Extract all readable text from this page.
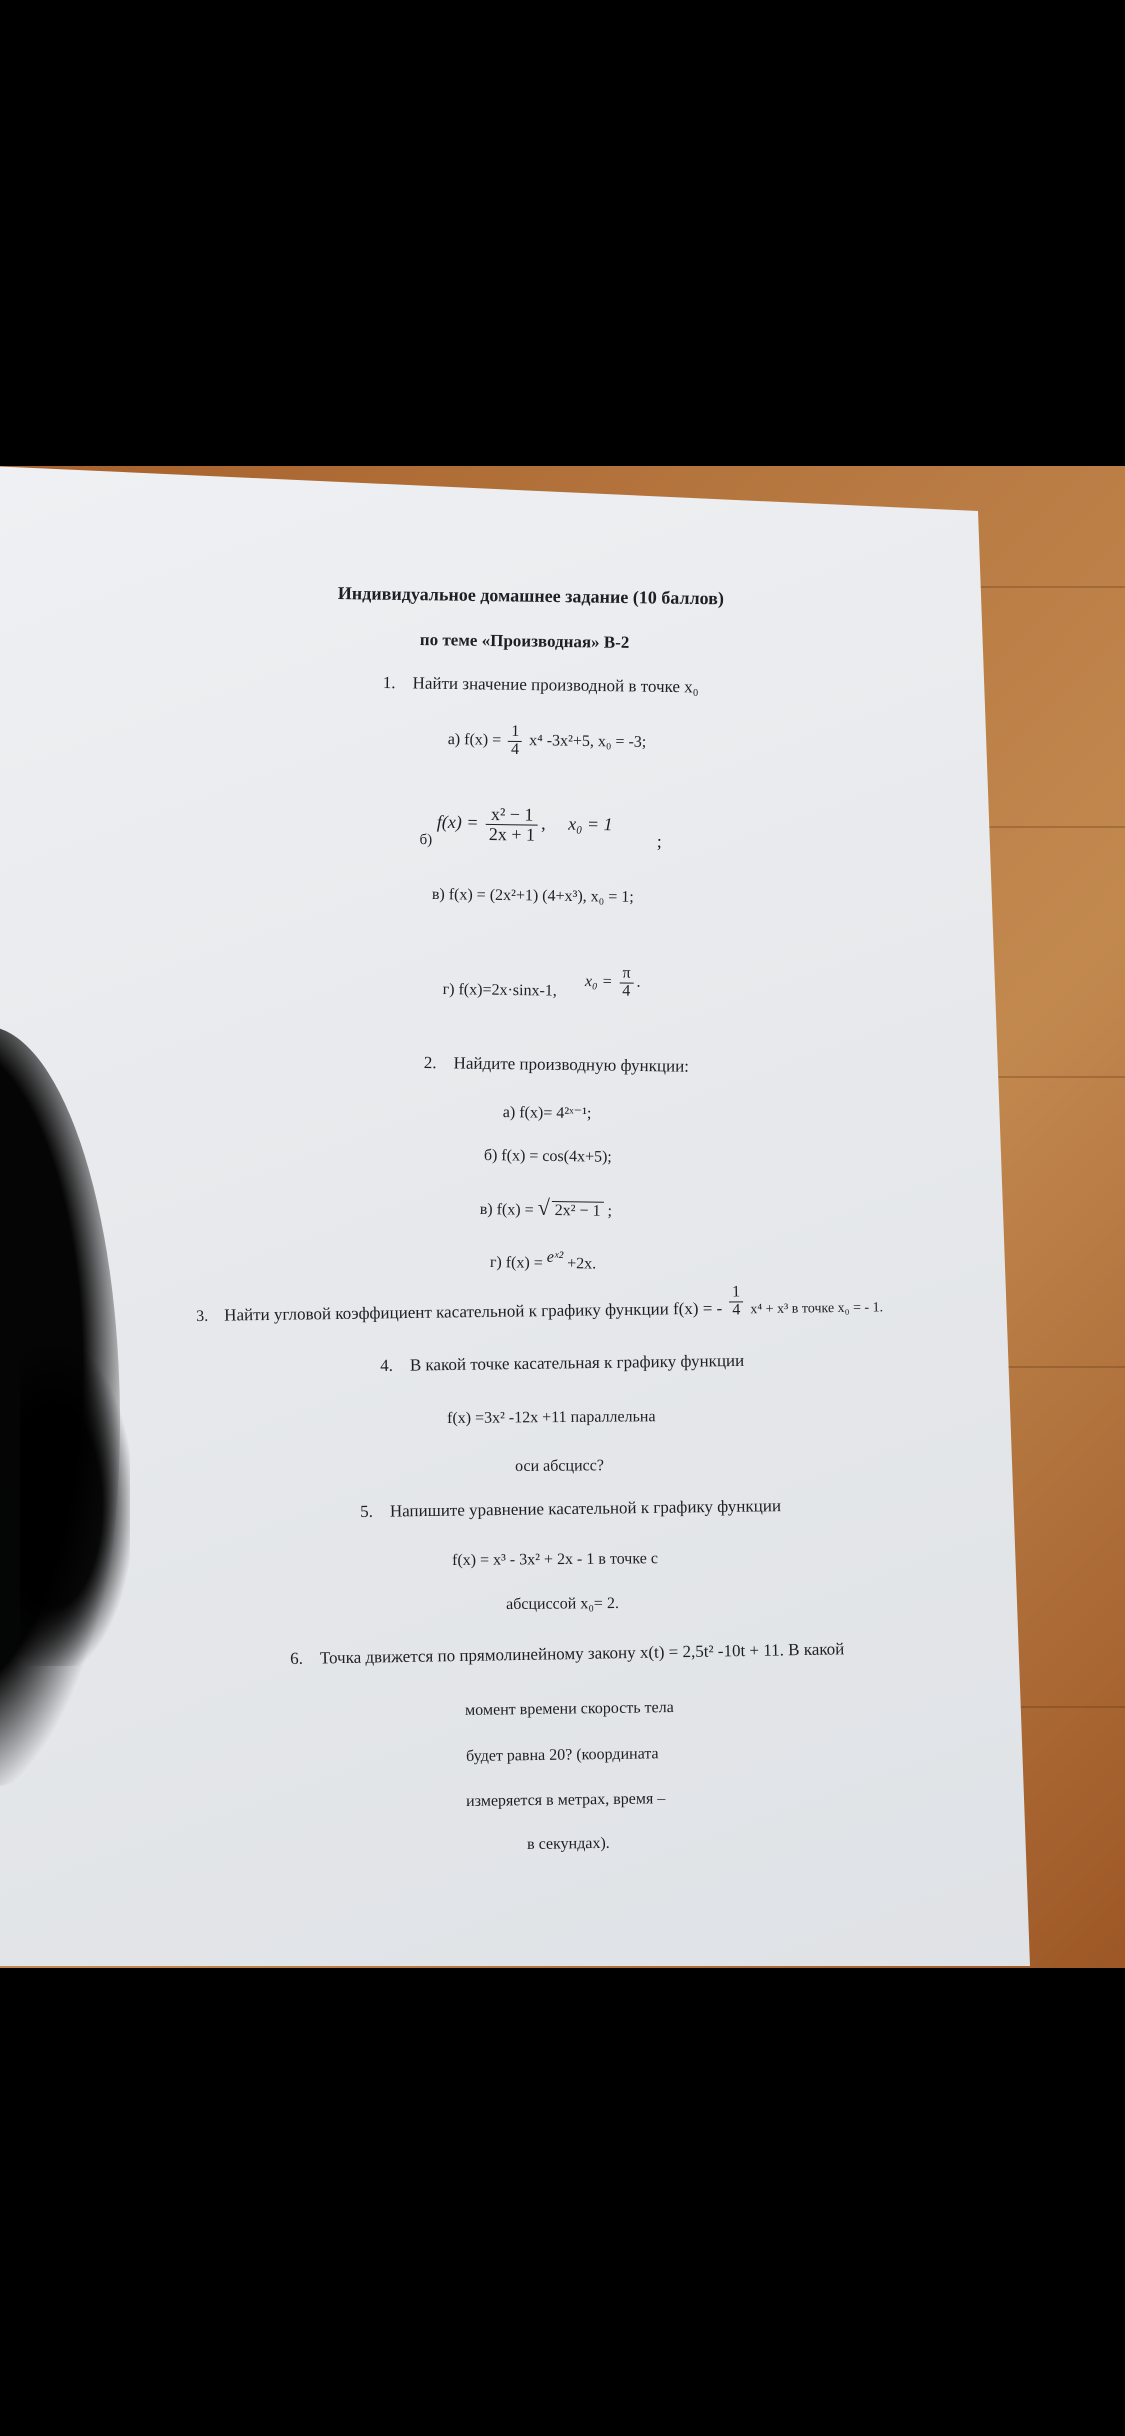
Индивидуальное домашнее задание (10 баллов)
по теме «Производная» В-2
1. Найти значение производной в точке x₀
а) $f(x) = \frac{1}{4} x^4$ -3x²+5, x₀ = -3;
$_{б)}$ $f(x) = \frac{\text{x² − 1}}{2x + 1}$ ,     x₀ = 1 ;
в) f(x) = (2x²+1) (4+x³), x₀ = 1;
г) f(x)=2x·sinx-1, $x_0 = \frac{\pi}{4}$ .
2. Найдите производную функции:
а) f(x)= 4²ˣ⁻¹;
б) f(x) = cos(4x+5);
в) f(x) = √ 2x² − 1 ;
г) f(x) = eˣ² +2x.
3. Найти угловой коэффициент касательной к графику функции f(x) = - $\frac{1}{4} x^4 + x^3$ в точке x₀ = - 1.
4. В какой точке касательная к графику функции
f(x) =3x² -12x +11 параллельна
оси абсцисс?
5. Напишите уравнение касательной к графику функции
f(x) = x³ - 3x² + 2x - 1 в точке с
абсциссой x₀= 2.
6. Точка движется по прямолинейному закону x(t) = 2,5t² -10t + 11. В какой
момент времени скорость тела
будет равна 20? (координата
измеряется в метрах, время –
в секундах).
